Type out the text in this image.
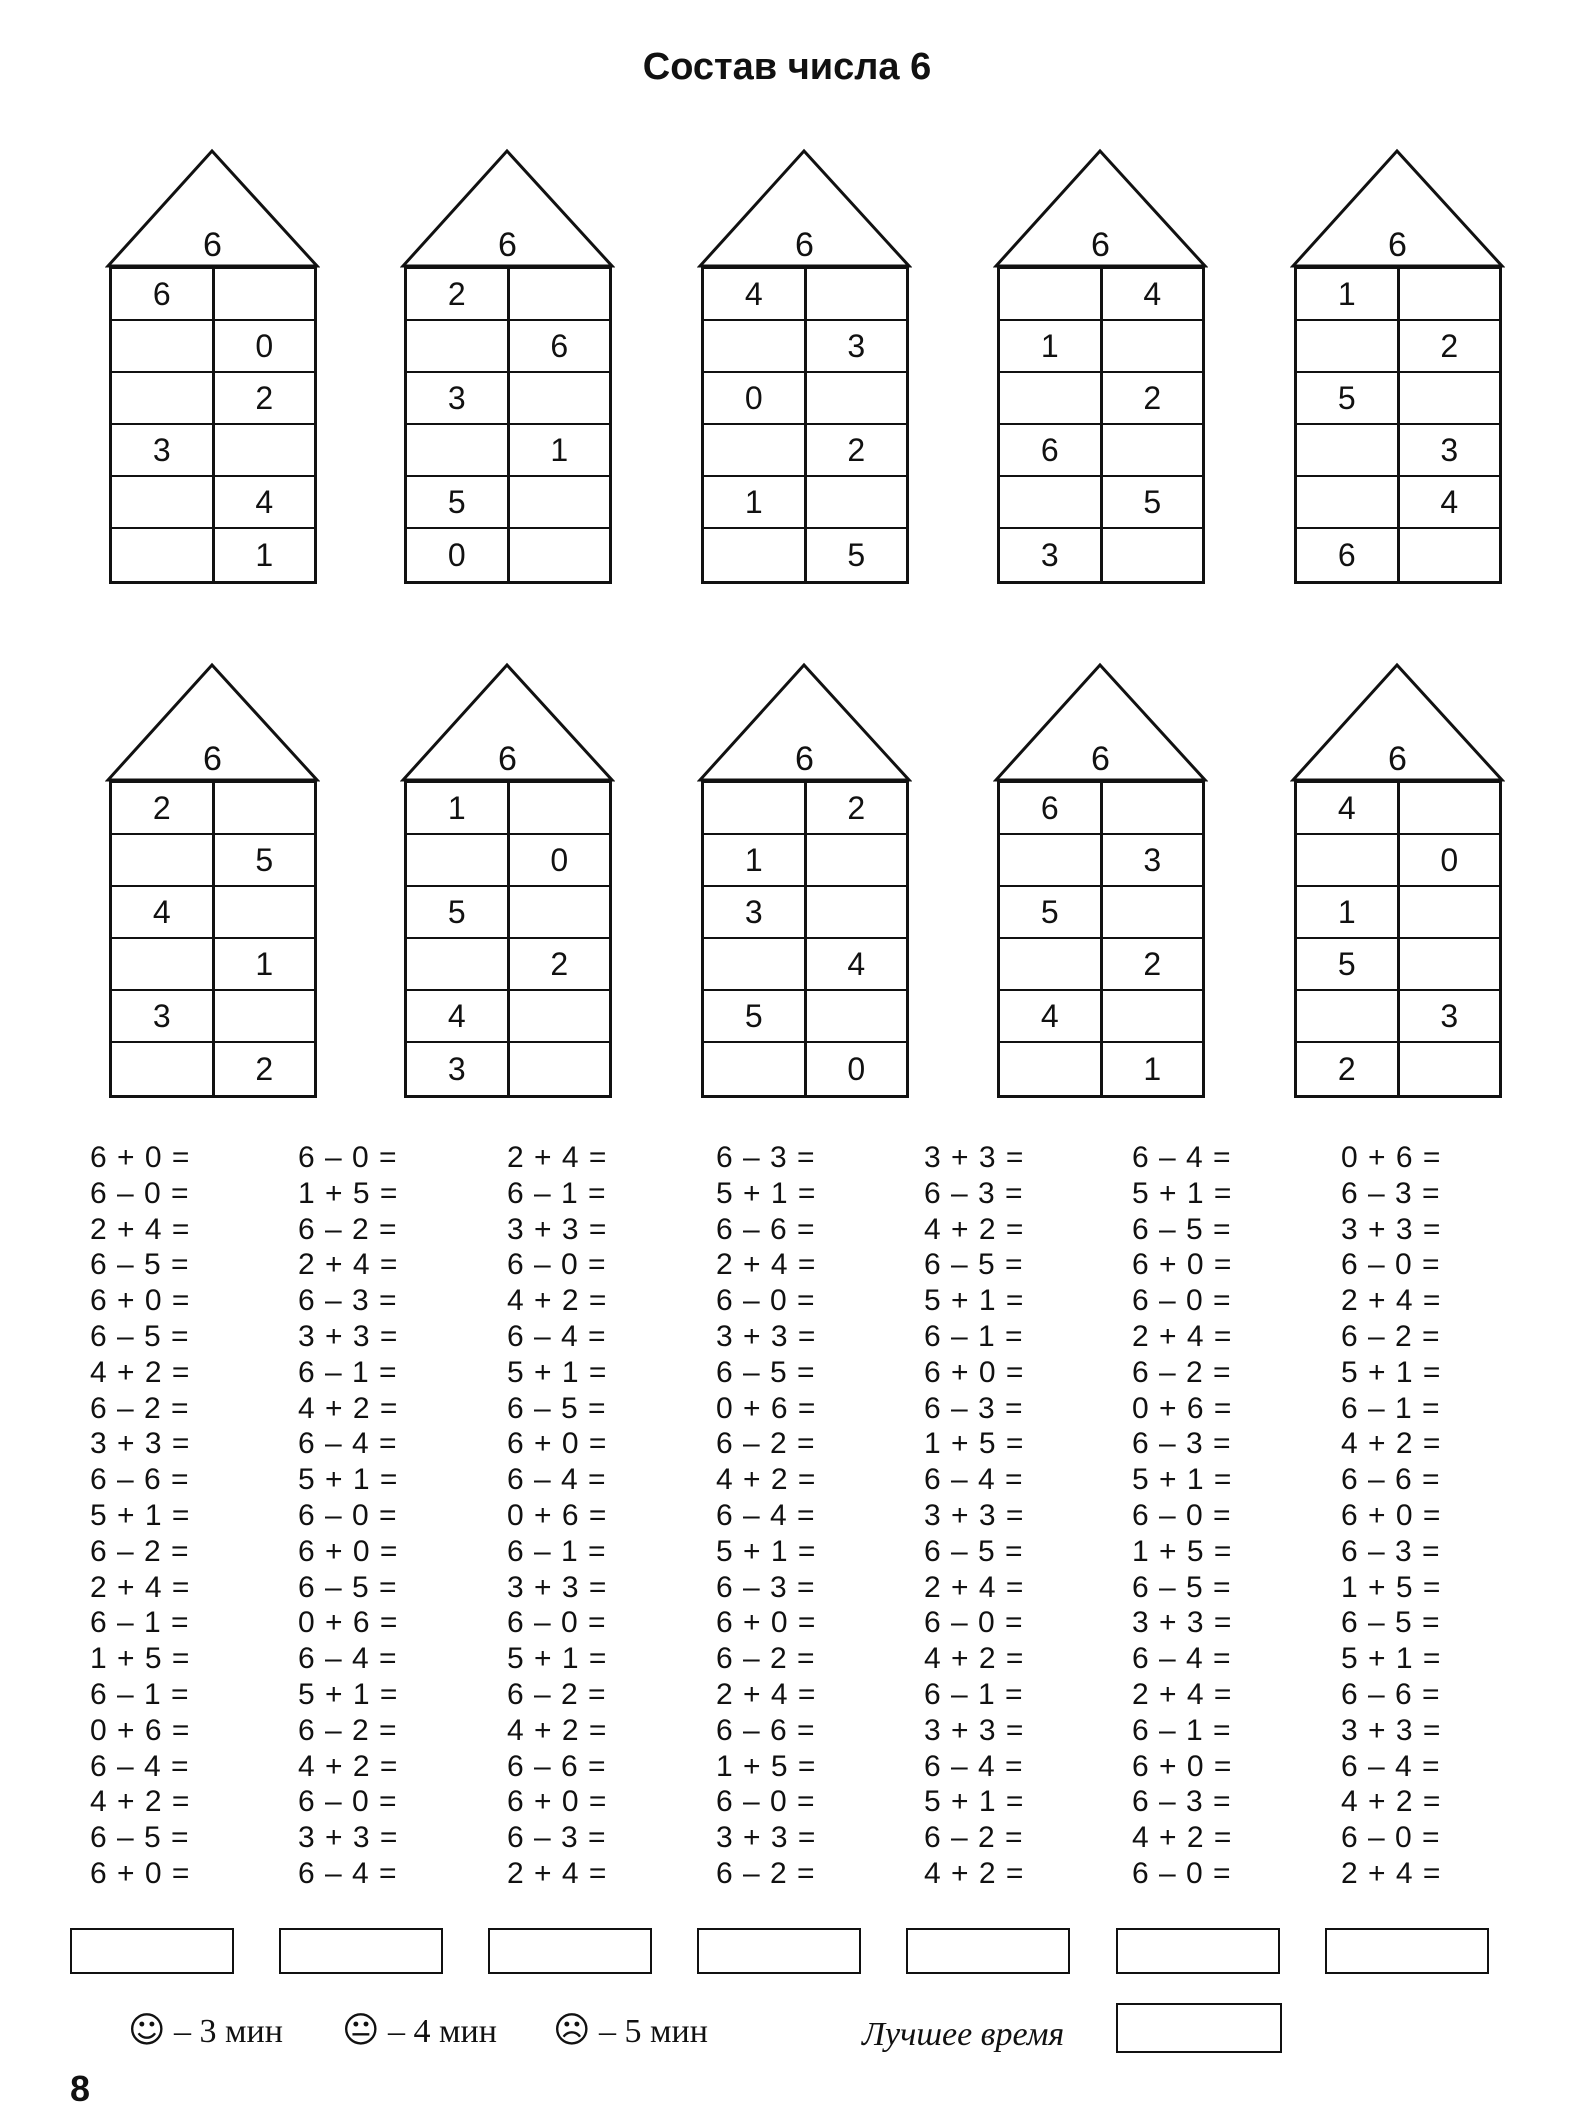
Состав числа 6
6
6
0
2
3
4
1
6
2
6
3
1
5
0
6
4
3
0
2
1
5
6
4
1
2
6
5
3
6
1
2
5
3
4
6
6
2
5
4
1
3
2
6
1
0
5
2
4
3
6
2
1
3
4
5
0
6
6
3
5
2
4
1
6
4
0
1
5
3
2
6 + 0 =
6 – 0 =
2 + 4 =
6 – 5 =
6 + 0 =
6 – 5 =
4 + 2 =
6 – 2 =
3 + 3 =
6 – 6 =
5 + 1 =
6 – 2 =
2 + 4 =
6 – 1 =
1 + 5 =
6 – 1 =
0 + 6 =
6 – 4 =
4 + 2 =
6 – 5 =
6 + 0 =
6 – 0 =
1 + 5 =
6 – 2 =
2 + 4 =
6 – 3 =
3 + 3 =
6 – 1 =
4 + 2 =
6 – 4 =
5 + 1 =
6 – 0 =
6 + 0 =
6 – 5 =
0 + 6 =
6 – 4 =
5 + 1 =
6 – 2 =
4 + 2 =
6 – 0 =
3 + 3 =
6 – 4 =
2 + 4 =
6 – 1 =
3 + 3 =
6 – 0 =
4 + 2 =
6 – 4 =
5 + 1 =
6 – 5 =
6 + 0 =
6 – 4 =
0 + 6 =
6 – 1 =
3 + 3 =
6 – 0 =
5 + 1 =
6 – 2 =
4 + 2 =
6 – 6 =
6 + 0 =
6 – 3 =
2 + 4 =
6 – 3 =
5 + 1 =
6 – 6 =
2 + 4 =
6 – 0 =
3 + 3 =
6 – 5 =
0 + 6 =
6 – 2 =
4 + 2 =
6 – 4 =
5 + 1 =
6 – 3 =
6 + 0 =
6 – 2 =
2 + 4 =
6 – 6 =
1 + 5 =
6 – 0 =
3 + 3 =
6 – 2 =
3 + 3 =
6 – 3 =
4 + 2 =
6 – 5 =
5 + 1 =
6 – 1 =
6 + 0 =
6 – 3 =
1 + 5 =
6 – 4 =
3 + 3 =
6 – 5 =
2 + 4 =
6 – 0 =
4 + 2 =
6 – 1 =
3 + 3 =
6 – 4 =
5 + 1 =
6 – 2 =
4 + 2 =
6 – 4 =
5 + 1 =
6 – 5 =
6 + 0 =
6 – 0 =
2 + 4 =
6 – 2 =
0 + 6 =
6 – 3 =
5 + 1 =
6 – 0 =
1 + 5 =
6 – 5 =
3 + 3 =
6 – 4 =
2 + 4 =
6 – 1 =
6 + 0 =
6 – 3 =
4 + 2 =
6 – 0 =
0 + 6 =
6 – 3 =
3 + 3 =
6 – 0 =
2 + 4 =
6 – 2 =
5 + 1 =
6 – 1 =
4 + 2 =
6 – 6 =
6 + 0 =
6 – 3 =
1 + 5 =
6 – 5 =
5 + 1 =
6 – 6 =
3 + 3 =
6 – 4 =
4 + 2 =
6 – 0 =
2 + 4 =
☺ – 3 мин 😐 – 4 мин ☹ – 5 мин	Лучшее время
8
